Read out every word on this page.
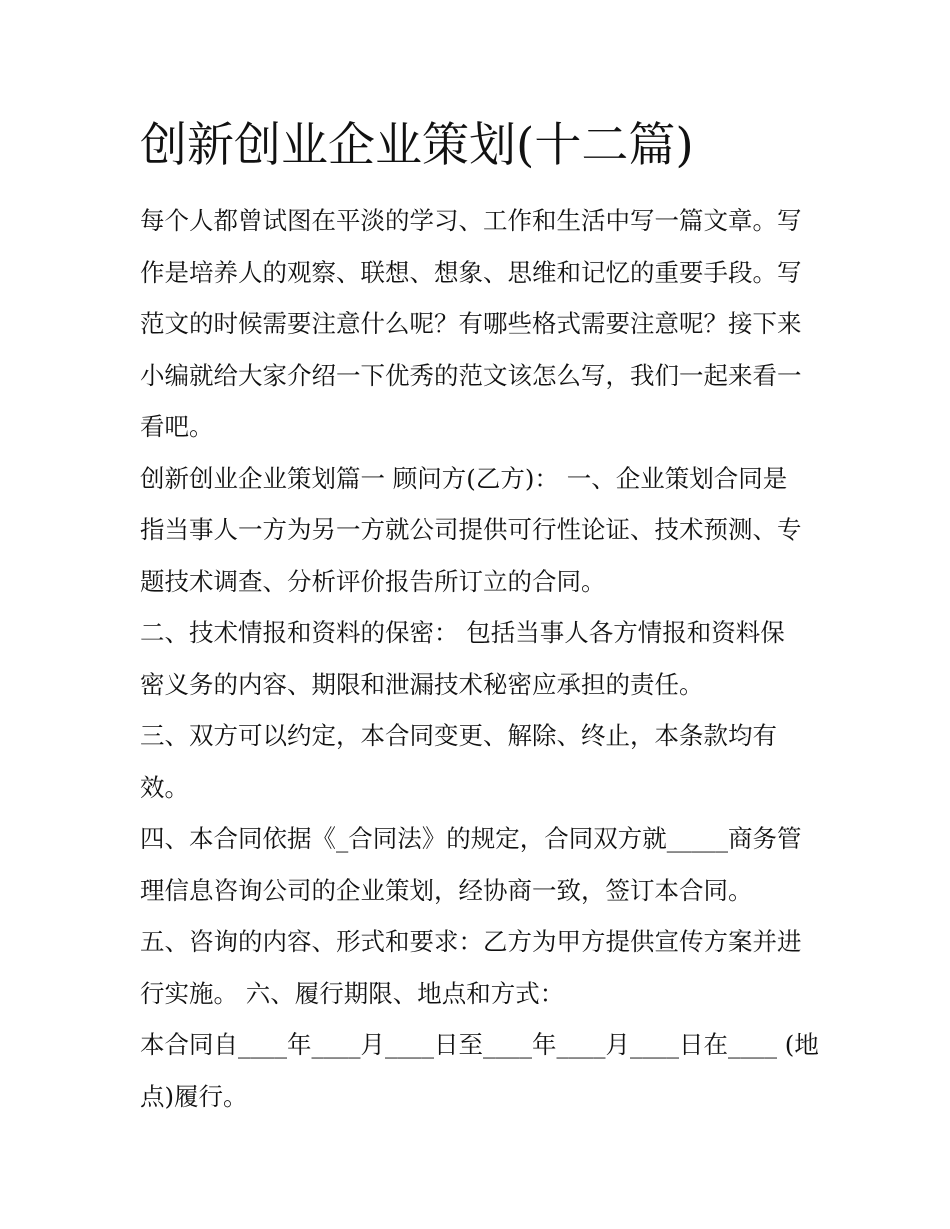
创新创业企业策划(十二篇)
每个人都曾试图在平淡的学习、工作和生活中写一篇文章。写
作是培养人的观察、联想、想象、思维和记忆的重要手段。写
范文的时候需要注意什么呢？有哪些格式需要注意呢？接下来
小编就给大家介绍一下优秀的范文该怎么写，我们一起来看一
看吧。
创新创业企业策划篇一 顾问方(乙方)： 一、企业策划合同是
指当事人一方为另一方就公司提供可行性论证、技术预测、专
题技术调查、分析评价报告所订立的合同。
二、技术情报和资料的保密： 包括当事人各方情报和资料保
密义务的内容、期限和泄漏技术秘密应承担的责任。
三、双方可以约定，本合同变更、解除、终止，本条款均有
效。
四、本合同依据《_合同法》的规定，合同双方就_____商务管
理信息咨询公司的企业策划，经协商一致，签订本合同。
五、咨询的内容、形式和要求：乙方为甲方提供宣传方案并进
行实施。 六、履行期限、地点和方式：
本合同自____年____月____日至____年____月____日在____ (地
点)履行。
